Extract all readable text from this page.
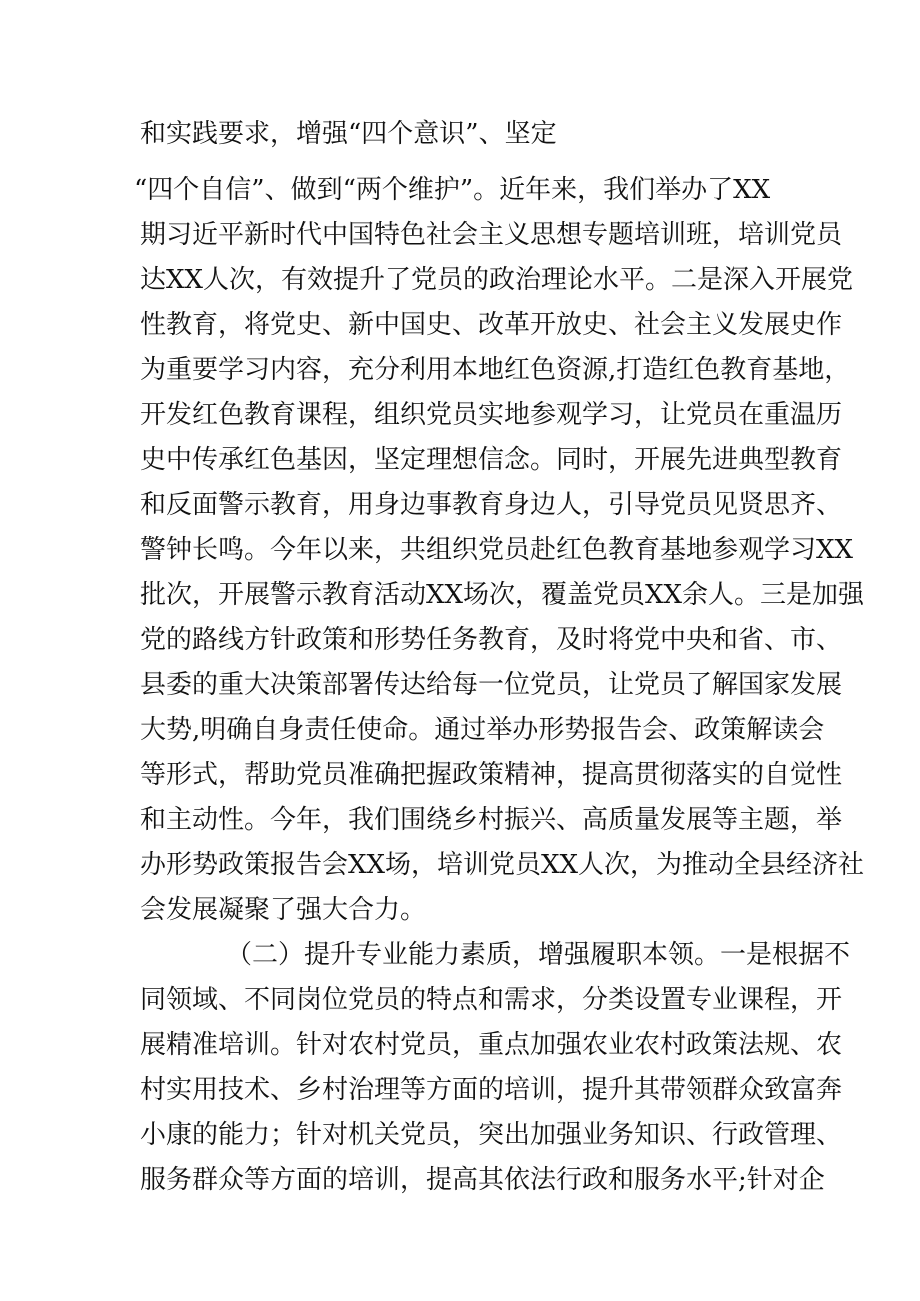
和实践要求，增强“四个意识”、坚定
“四个自信”、做到“两个维护”。近年来，我们举办了XX
期习近平新时代中国特色社会主义思想专题培训班，培训党员
达XX人次，有效提升了党员的政治理论水平。二是深入开展党
性教育，将党史、新中国史、改革开放史、社会主义发展史作
为重要学习内容，充分利用本地红色资源,打造红色教育基地，
开发红色教育课程，组织党员实地参观学习，让党员在重温历
史中传承红色基因，坚定理想信念。同时，开展先进典型教育
和反面警示教育，用身边事教育身边人，引导党员见贤思齐、
警钟长鸣。今年以来，共组织党员赴红色教育基地参观学习XX
批次，开展警示教育活动XX场次，覆盖党员XX余人。三是加强
党的路线方针政策和形势任务教育，及时将党中央和省、市、
县委的重大决策部署传达给每一位党员，让党员了解国家发展
大势,明确自身责任使命。通过举办形势报告会、政策解读会
等形式，帮助党员准确把握政策精神，提高贯彻落实的自觉性
和主动性。今年，我们围绕乡村振兴、高质量发展等主题，举
办形势政策报告会XX场，培训党员XX人次，为推动全县经济社
会发展凝聚了强大合力。
（二）提升专业能力素质，增强履职本领。一是根据不
同领域、不同岗位党员的特点和需求，分类设置专业课程，开
展精准培训。针对农村党员，重点加强农业农村政策法规、农
村实用技术、乡村治理等方面的培训，提升其带领群众致富奔
小康的能力；针对机关党员，突出加强业务知识、行政管理、
服务群众等方面的培训，提高其依法行政和服务水平;针对企
